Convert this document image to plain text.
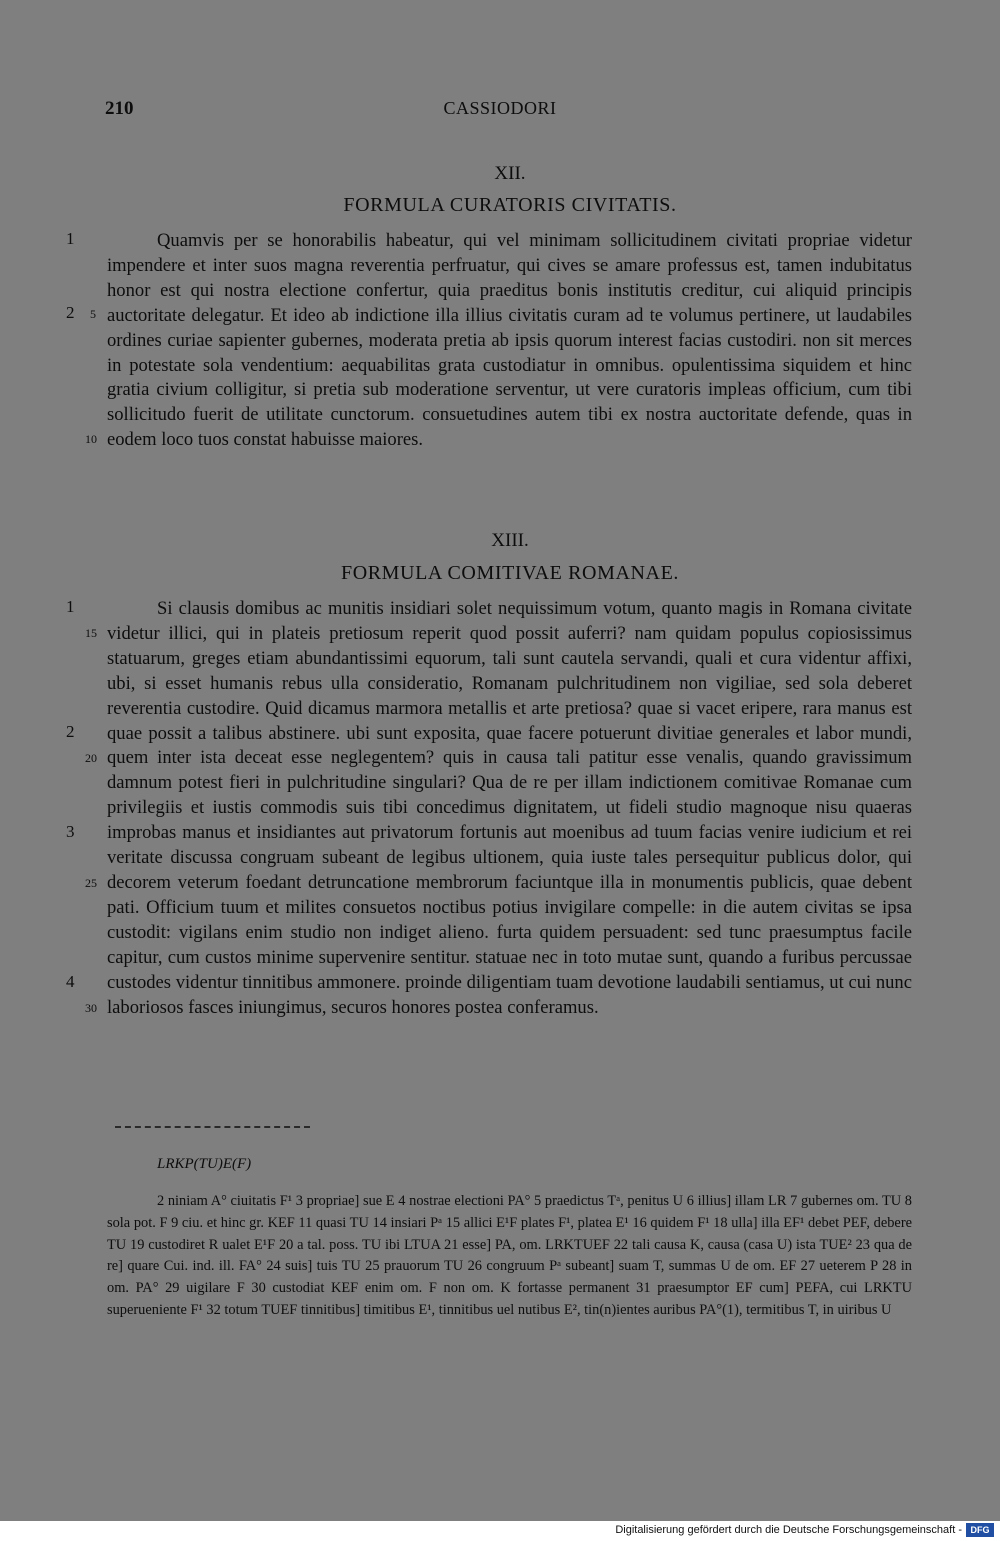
210	CASSIODORI
XII.
FORMULA CURATORIS CIVITATIS.
1
2 5
10

Quamvis per se honorabilis habeatur, qui vel minimam sollicitudinem civitati propriae videtur impendere et inter suos magna reverentia perfruatur, qui cives se amare professus est, tamen indubitatus honor est qui nostra electione confertur, quia praeditus bonis institutis creditur, cui aliquid principis auctoritate delegatur. Et ideo ab indictione illa illius civitatis curam ad te volumus pertinere, ut laudabiles ordines curiae sapienter gubernes, moderata pretia ab ipsis quorum interest facias custodiri. non sit merces in potestate sola vendentium: aequabilitas grata custodiatur in omnibus. opulentissima siquidem et hinc gratia civium colligitur, si pretia sub moderatione serventur, ut vere curatoris impleas officium, cum tibi sollicitudo fuerit de utilitate cunctorum. consuetudines autem tibi ex nostra auctoritate defende, quas in eodem loco tuos constat habuisse maiores.

XIII.
FORMULA COMITIVAE ROMANAE.
1
15
2
20
3
25
4
30

Si clausis domibus ac munitis insidiari solet nequissimum votum, quanto magis in Romana civitate videtur illici, qui in plateis pretiosum reperit quod possit auferri? nam quidam populus copiosissimus statuarum, greges etiam abundantissimi equorum, tali sunt cautela servandi, quali et cura videntur affixi, ubi, si esset humanis rebus ulla consideratio, Romanam pulchritudinem non vigiliae, sed sola deberet reverentia custodire. Quid dicamus marmora metallis et arte pretiosa? quae si vacet eripere, rara manus est quae possit a talibus abstinere. ubi sunt exposita, quae facere potuerunt divitiae generales et labor mundi, quem inter ista deceat esse neglegentem? quis in causa tali patitur esse venalis, quando gravissimum damnum potest fieri in pulchritudine singulari? Qua de re per illam indictionem comitivae Romanae cum privilegiis et iustis commodis suis tibi concedimus dignitatem, ut fideli studio magnoque nisu quaeras improbas manus et insidiantes aut privatorum fortunis aut moenibus ad tuum facias venire iudicium et rei veritate discussa congruam subeant de legibus ultionem, quia iuste tales persequitur publicus dolor, qui decorem veterum foedant detruncatione membrorum faciuntque illa in monumentis publicis, quae debent pati. Officium tuum et milites consuetos noctibus potius invigilare compelle: in die autem civitas se ipsa custodit: vigilans enim studio non indiget alieno. furta quidem persuadent: sed tunc praesumptus facile capitur, cum custos minime supervenire sentitur. statuae nec in toto mutae sunt, quando a furibus percussae custodes videntur tinnitibus ammonere. proinde diligentiam tuam devotione laudabili sentiamus, ut cui nunc laboriosos fasces iniungimus, securos honores postea conferamus.

LRKP(TU)E(F)

2 niniam A° ciuitatis F¹ 3 propriae] sue E 4 nostrae electioni PA° 5 praedictus Tᵃ, penitus U 6 illius] illam LR 7 gubernes om. TU 8 sola pot. F 9 ciu. et hinc gr. KEF 11 quasi TU 14 insiari Pᵃ 15 allici E¹F plates F¹, platea E¹ 16 quidem F¹ 18 ulla] illa EF¹ debet PEF, debere TU 19 custodiret R ualet E¹F 20 a tal. poss. TU ibi LTUA 21 esse] PA, om. LRKTUEF 22 tali causa K, causa (casa U) ista TUE² 23 qua de re] quare Cui. ind. ill. FA° 24 suis] tuis TU 25 prauorum TU 26 congruum Pᵃ subeant] suam T, summas U de om. EF 27 ueterem P 28 in om. PA° 29 uigilare F 30 custodiat KEF enim om. F non om. K fortasse permanent 31 praesumptor EF cum] PEFA, cui LRKTU superueniente F¹ 32 totum TUEF tinnitibus] timitibus E¹, tinnitibus uel nutibus E², tin(n)ientes auribus PA°(1), termitibus T, in uiribus U

Digitalisierung gefördert durch die Deutsche Forschungsgemeinschaft - DFG
